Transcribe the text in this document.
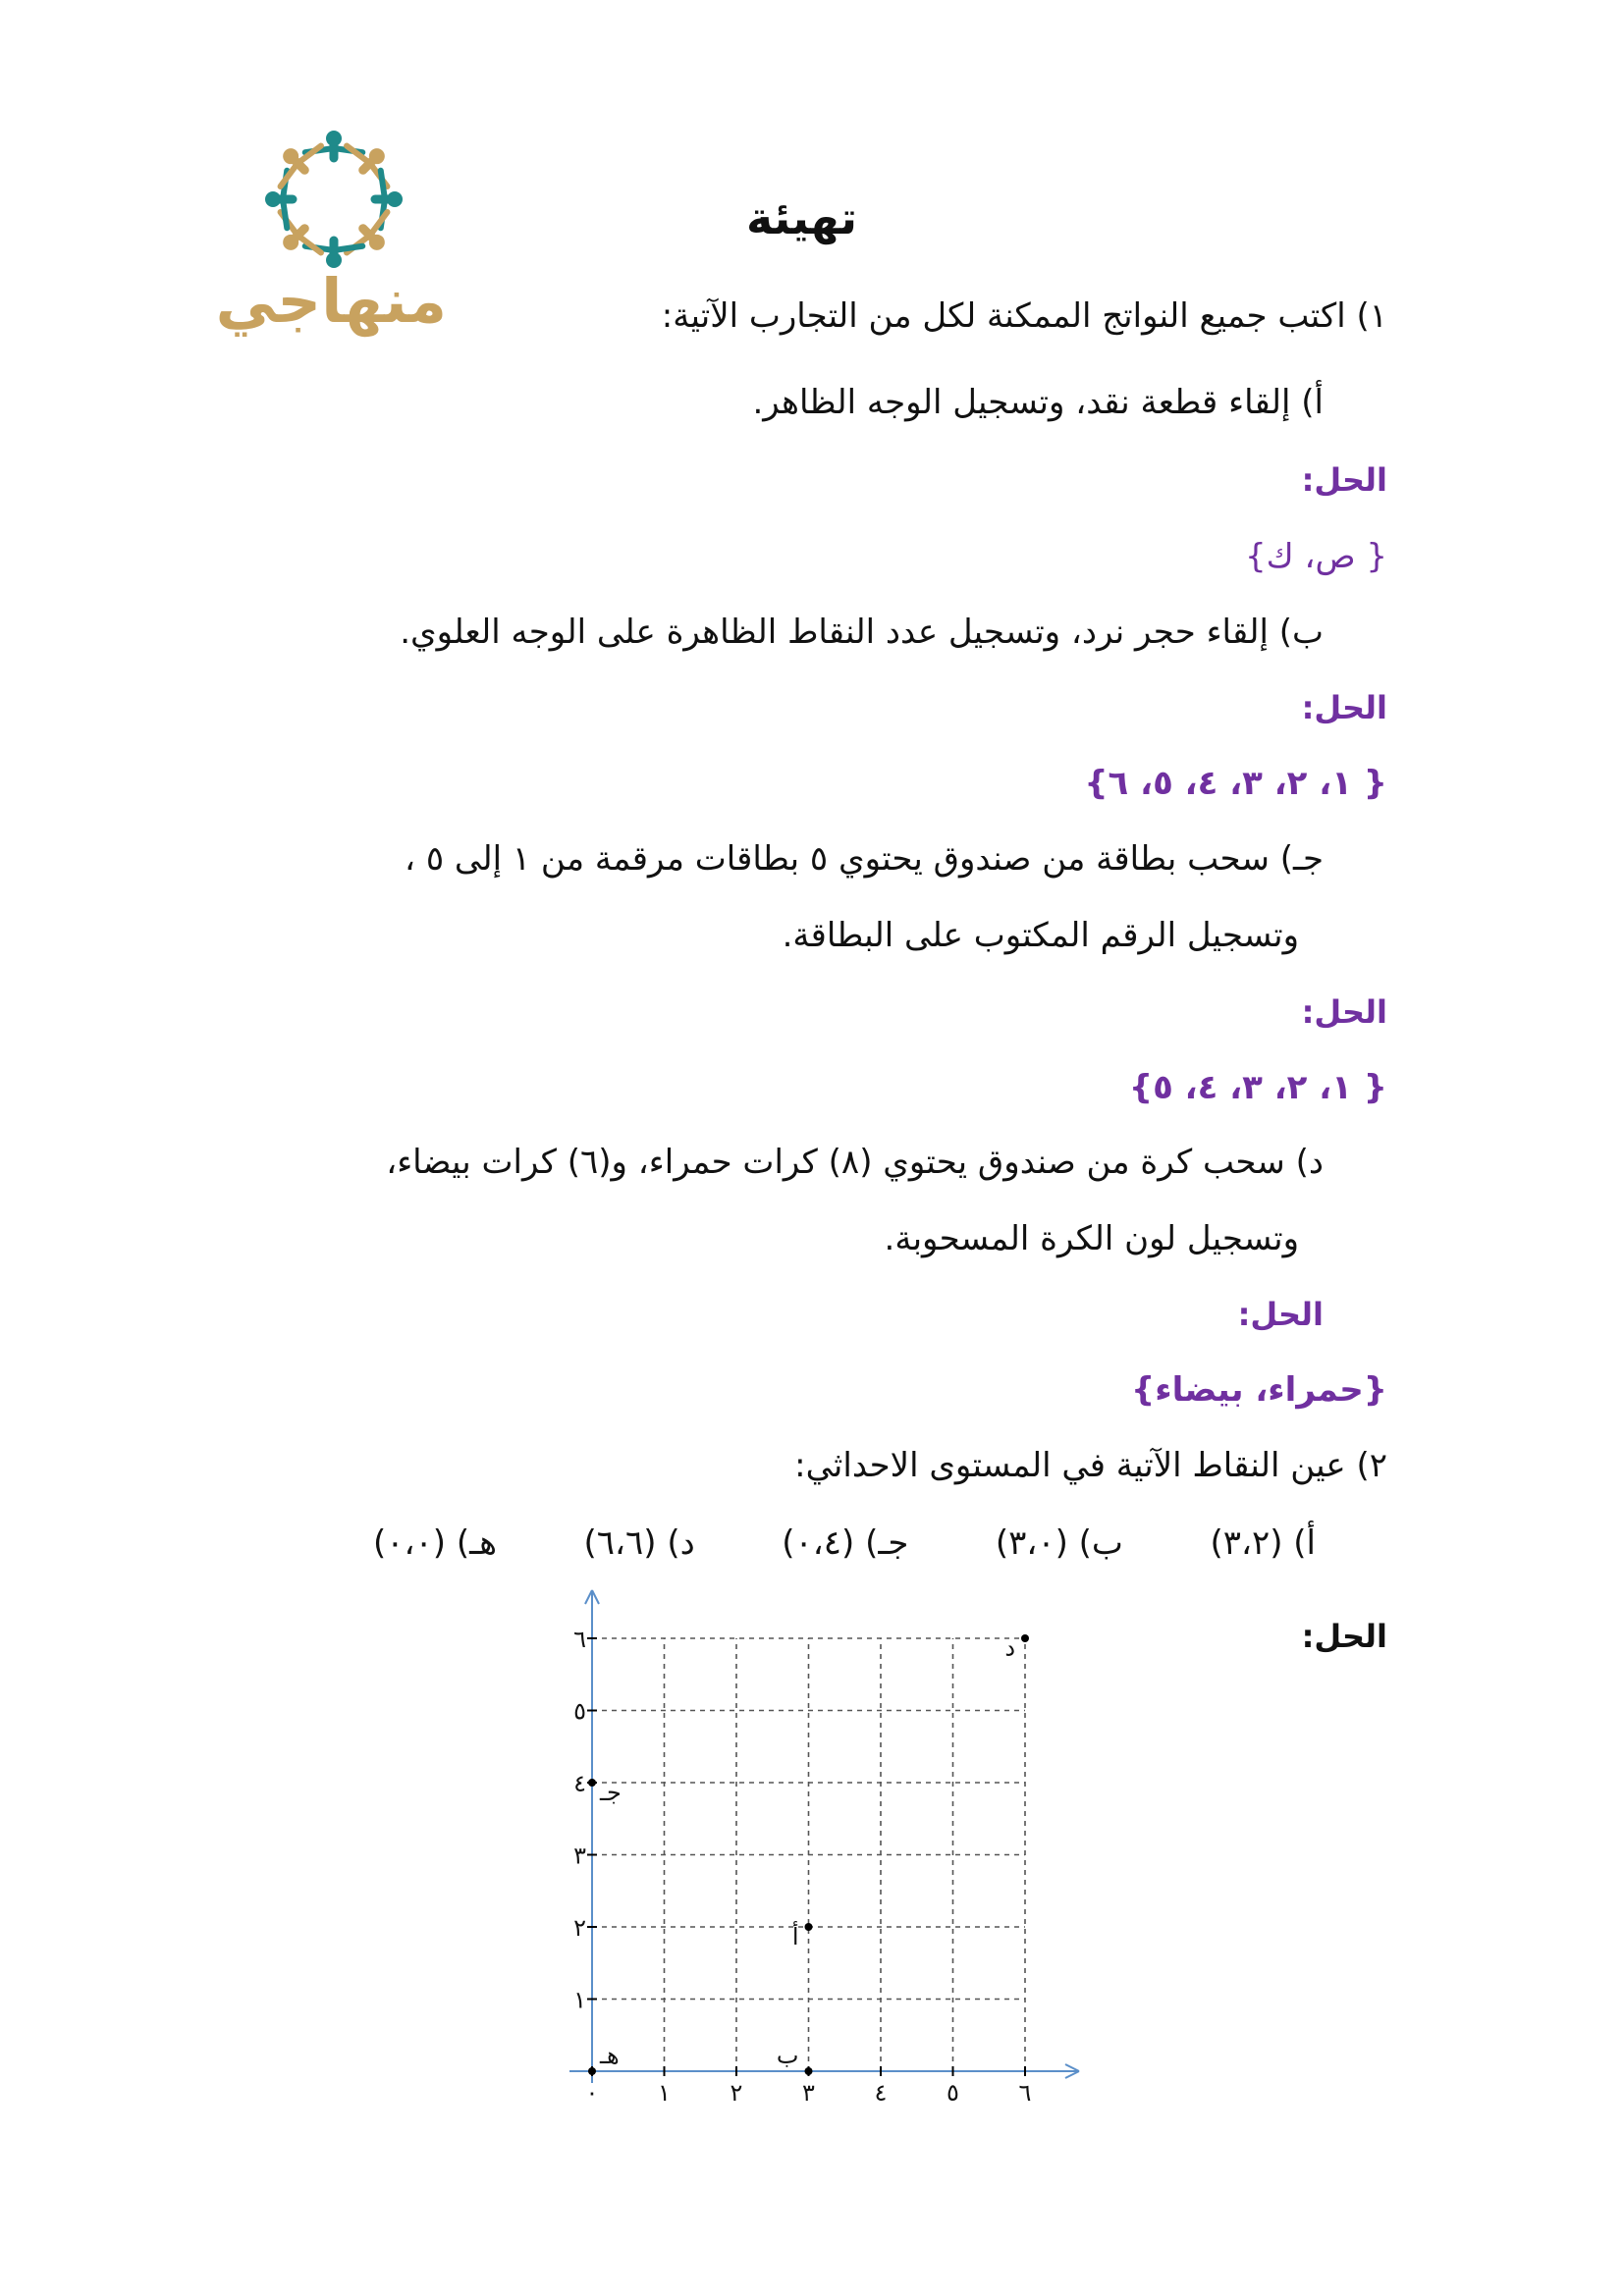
منهاجي
تهيئة
١) اكتب جميع النواتج الممكنة لكل من التجارب الآتية:
أ) إلقاء قطعة نقد، وتسجيل الوجه الظاهر.
الحل:
{ ص، ك}
ب) إلقاء حجر نرد، وتسجيل عدد النقاط الظاهرة على الوجه العلوي.
الحل:
{ ١، ٢، ٣، ٤، ٥، ٦}
جـ) سحب بطاقة من صندوق يحتوي ٥ بطاقات مرقمة من ١ إلى ٥ ،
وتسجيل الرقم المكتوب على البطاقة.
الحل:
{ ١، ٢، ٣، ٤، ٥}
د) سحب كرة من صندوق يحتوي (٨) كرات حمراء، و(٦) كرات بيضاء،
وتسجيل لون الكرة المسحوبة.
الحل:
{حمراء، بيضاء}
٢) عين النقاط الآتية في المستوى الاحداثي:
أ) (٣،٢)
ب) (٣،٠)
جـ) (٠،٤)
د) (٦،٦)
هـ) (٠،٠)
الحل:
٠	١	٢	٣	٤	٥	٦
١
٢
٣
٤
٥
٦
أ
ب
جـ
د
هـ
